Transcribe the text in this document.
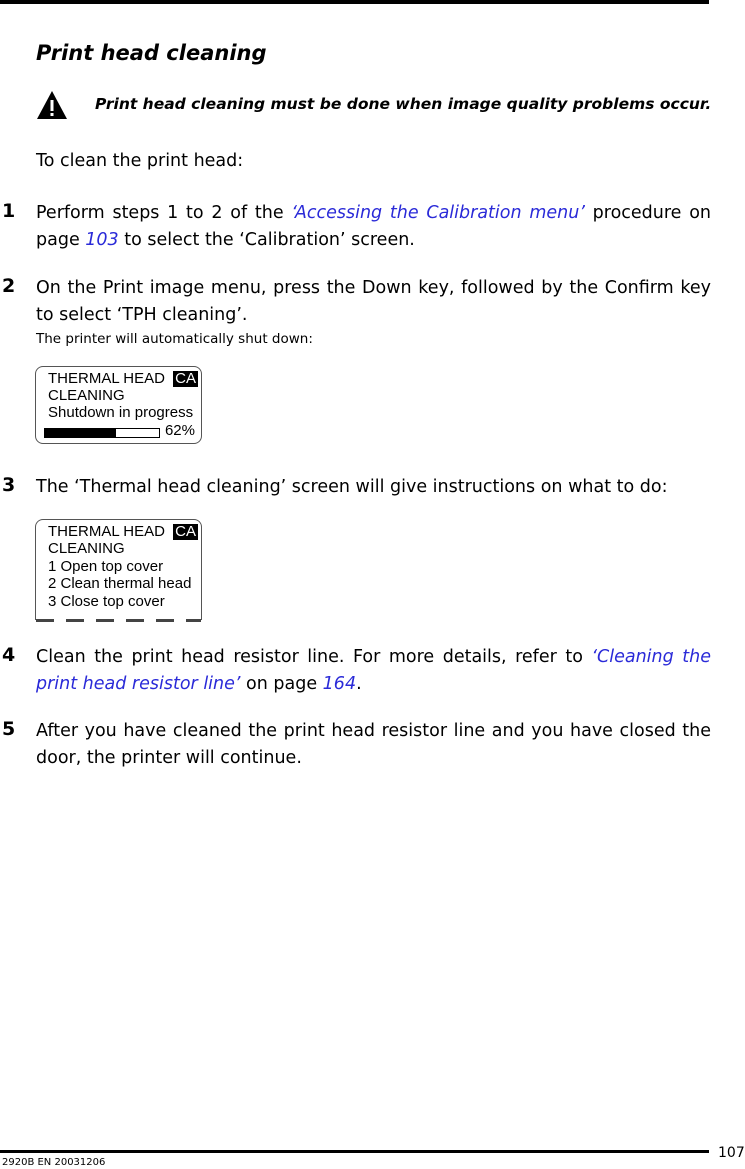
Print head cleaning
Print head cleaning must be done when image quality problems occur.
To clean the print head:
1 Perform steps 1 to 2 of the ‘Accessing the Calibration menu’ procedure on page 103 to select the ‘Calibration’ screen.
2 On the Print image menu, press the Down key, followed by the Confirm key to select ‘TPH cleaning’.
The printer will automatically shut down:
THERMAL HEAD CA
CLEANING
Shutdown in progress
62%
3 The ‘Thermal head cleaning’ screen will give instructions on what to do:
THERMAL HEAD CA
CLEANING
1 Open top cover
2 Clean thermal head
3 Close top cover
4 Clean the print head resistor line. For more details, refer to ‘Cleaning the print head resistor line’ on page 164.
5 After you have cleaned the print head resistor line and you have closed the door, the printer will continue.
107
2920B EN 20031206
